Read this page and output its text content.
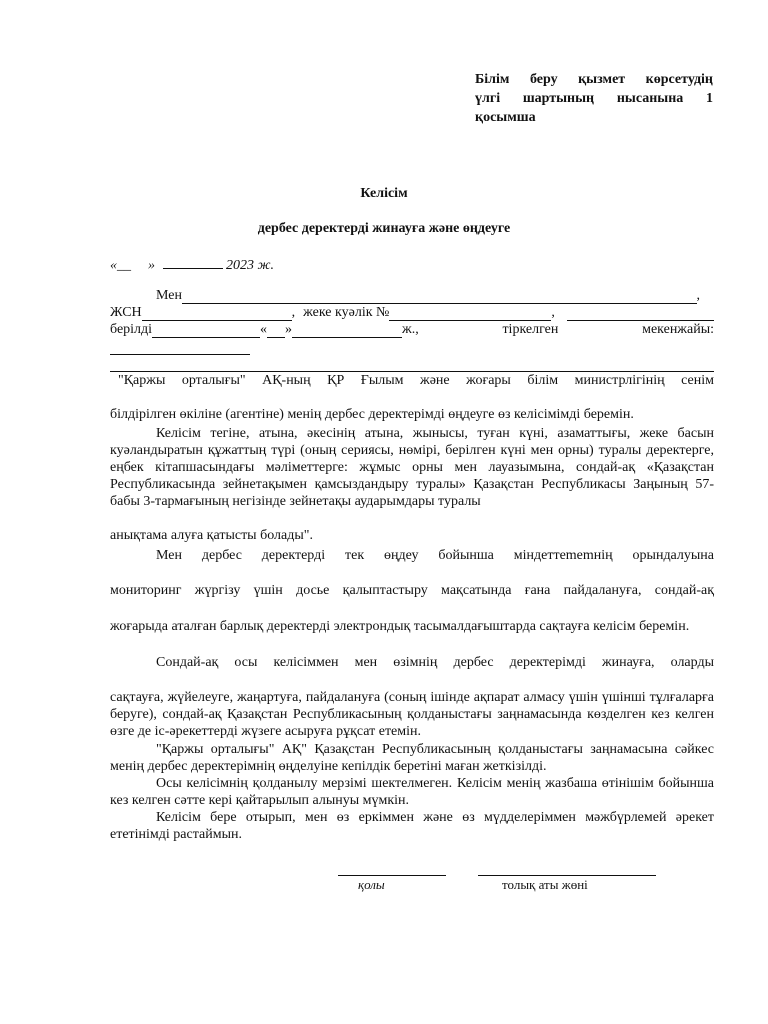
Білім беру қызмет көрсетудің
үлгі шартының нысанына 1
қосымша
Келісім
дербес деректерді жинауға және өңдеуге
«__ »	2023 ж.
Мен	,
ЖСН	, жеке куәлік №	,
берілді	« »	ж.,	тіркелген	мекенжайы:
"Қаржы орталығы" АҚ-ның ҚР Ғылым және жоғары білім министрлігінің сенім
білдірілген өкіліне (агентіне) менің дербес деректерімді өңдеуге өз келісімімді беремін.
Келісім тегіне, атына, әкесінің атына, жынысы, туған күні, азаматтығы, жеке басын куәландыратын құжаттың түрі (оның сериясы, нөмірі, берілген күні мен орны) туралы деректерге, еңбек кітапшасындағы мәліметтерге: жұмыс орны мен лауазымына, сондай-ақ «Қазақстан Республикасында зейнетақымен қамсыздандыру туралы» Қазақстан Республикасы Заңының 57-бабы 3-тармағының негізінде зейнетақы аударымдары туралы
анықтама алуға қатысты болады".
Мен дербес деректерді тек өңдеу бойынша міндеттememнің орындалуына
мониторинг жүргізу үшін досье қалыптастыру мақсатында ғана пайдалануға, сондай-ақ
жоғарыда аталған барлық деректерді электрондық тасымалдағыштарда сақтауға келісім беремін.
Сондай-ақ осы келісіммен мен өзімнің дербес деректерімді жинауға, оларды
сақтауға, жүйелеуге, жаңартуға, пайдалануға (соның ішінде ақпарат алмасу үшін үшінші тұлғаларға беруге), сондай-ақ Қазақстан Республикасының қолданыстағы заңнамасында көзделген кез келген өзге де іс-әрекеттерді жүзеге асыруға рұқсат етемін.
"Қаржы орталығы" АҚ" Қазақстан Республикасының қолданыстағы заңнамасына сәйкес менің дербес деректерімнің өңделуіне кепілдік беретіні маған жеткізілді.
Осы келісімнің қолданылу мерзімі шектелмеген. Келісім менің жазбаша өтінішім бойынша кез келген сәтте кері қайтарылып алынуы мүмкін.
Келісім бере отырып, мен өз еркіммен және өз мүдделеріммен мәжбүрлемей әрекет ететінімді растаймын.
қолы	толық аты жөні
